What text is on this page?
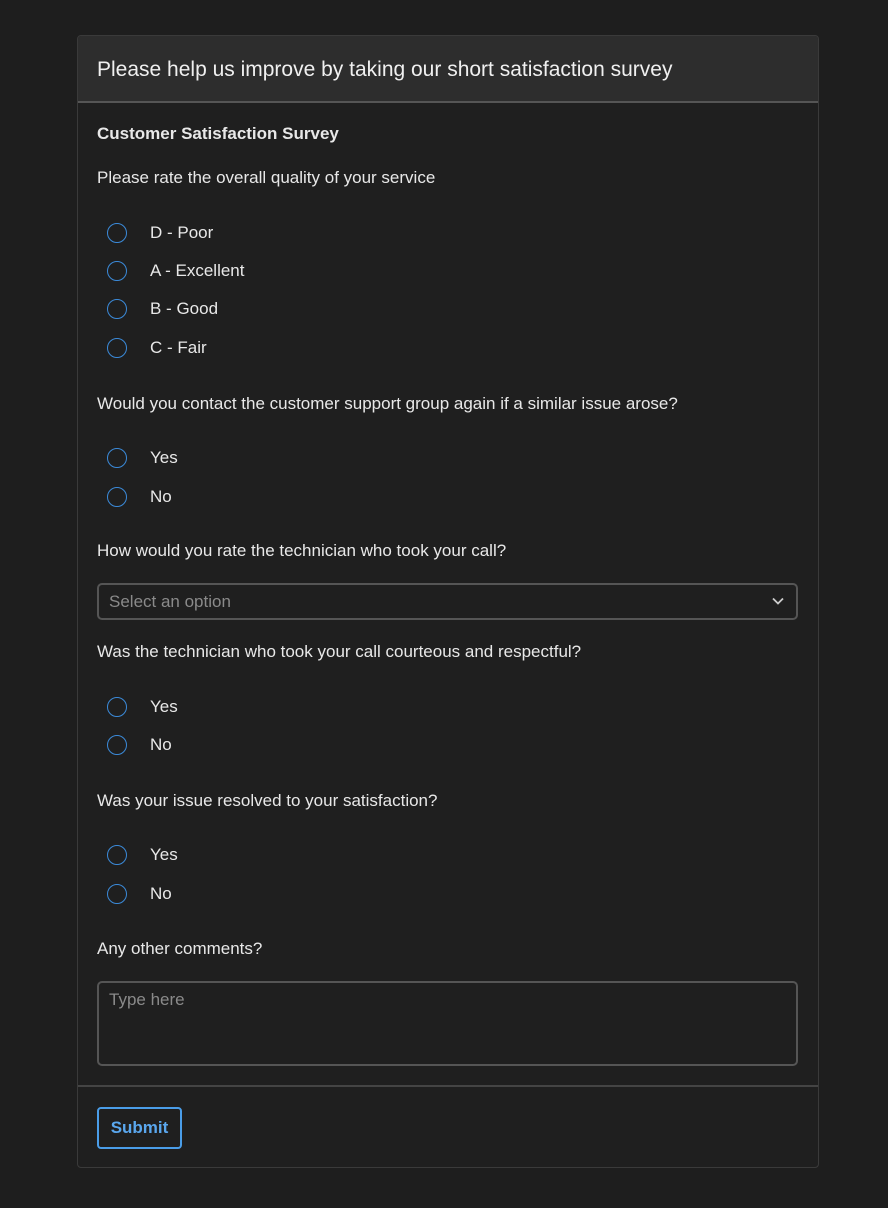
Please help us improve by taking our short satisfaction survey
Customer Satisfaction Survey
Please rate the overall quality of your service
D - Poor
A - Excellent
B - Good
C - Fair
Would you contact the customer support group again if a similar issue arose?
Yes
No
How would you rate the technician who took your call?
Select an option
Was the technician who took your call courteous and respectful?
Yes
No
Was your issue resolved to your satisfaction?
Yes
No
Any other comments?
Type here
Submit
